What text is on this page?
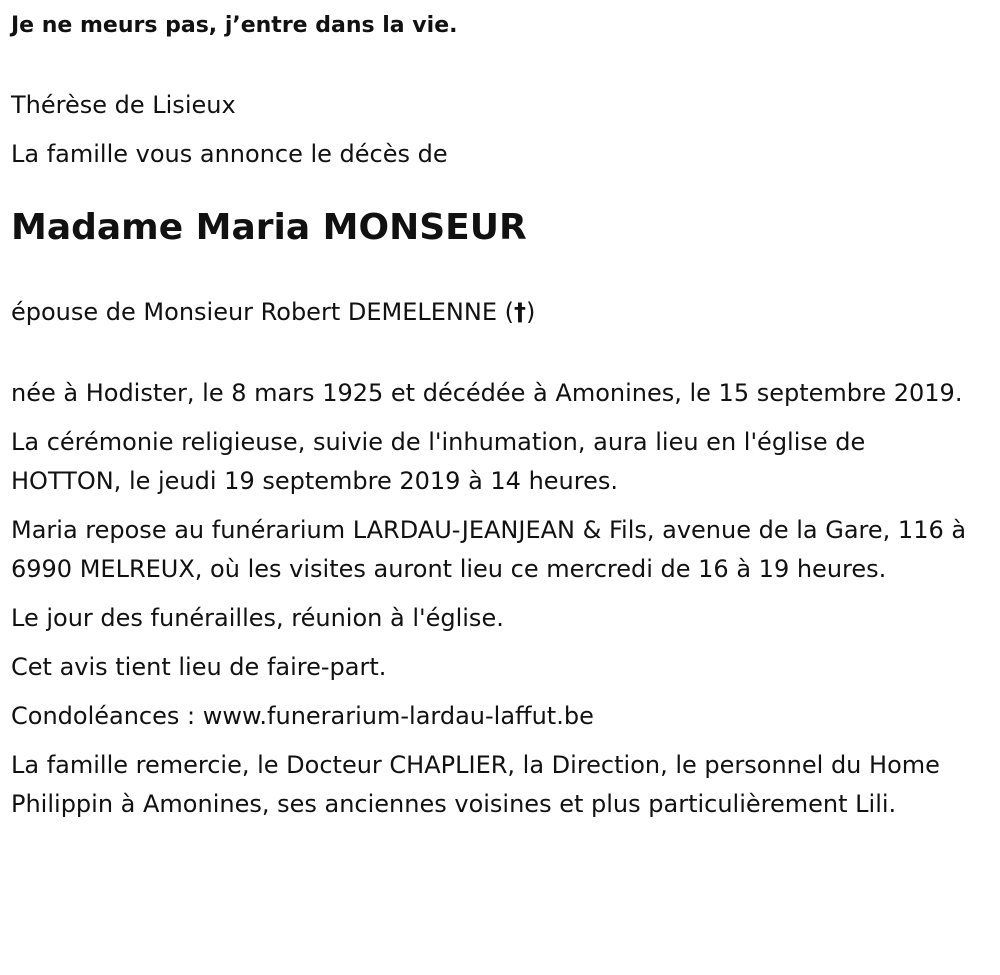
Je ne meurs pas, j’entre dans la vie.

Thérèse de Lisieux

La famille vous annonce le décès de

Madame Maria MONSEUR

épouse de Monsieur Robert DEMELENNE (†)

née à Hodister, le 8 mars 1925 et décédée à Amonines, le 15 septembre 2019.

La cérémonie religieuse, suivie de l'inhumation, aura lieu en l'église de HOTTON, le jeudi 19 septembre 2019 à 14 heures.

Maria repose au funérarium LARDAU-JEANJEAN & Fils, avenue de la Gare, 116 à 6990 MELREUX, où les visites auront lieu ce mercredi de 16 à 19 heures.

Le jour des funérailles, réunion à l'église.

Cet avis tient lieu de faire-part.

Condoléances : www.funerarium-lardau-laffut.be

La famille remercie, le Docteur CHAPLIER, la Direction, le personnel du Home Philippin à Amonines, ses anciennes voisines et plus particulièrement Lili.
